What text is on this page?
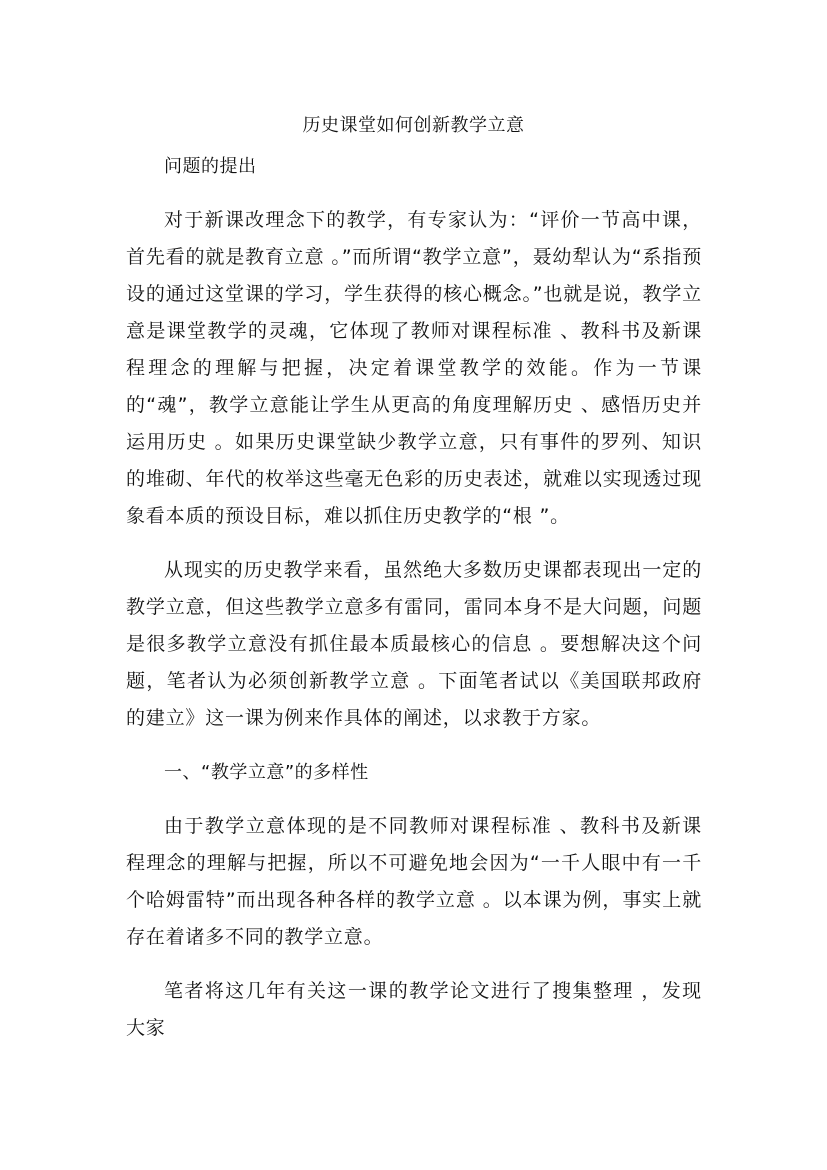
历史课堂如何创新教学立意

问题的提出

对于新课改理念下的教学，有专家认为：“评价一节高中课，首先看的就是教育立意 。”而所谓“教学立意”，聂幼犁认为“系指预设的通过这堂课的学习，学生获得的核心概念。”也就是说，教学立意是课堂教学的灵魂，它体现了教师对课程标准 、教科书及新课程理念的理解与把握，决定着课堂教学的效能。作为一节课的“魂”，教学立意能让学生从更高的角度理解历史 、感悟历史并运用历史 。如果历史课堂缺少教学立意，只有事件的罗列、知识的堆砌、年代的枚举这些毫无色彩的历史表述，就难以实现透过现象看本质的预设目标，难以抓住历史教学的“根 ”。

从现实的历史教学来看，虽然绝大多数历史课都表现出一定的教学立意，但这些教学立意多有雷同，雷同本身不是大问题，问题是很多教学立意没有抓住最本质最核心的信息 。要想解决这个问题，笔者认为必须创新教学立意 。下面笔者试以《美国联邦政府的建立》这一课为例来作具体的阐述，以求教于方家。

一、“教学立意”的多样性

由于教学立意体现的是不同教师对课程标准 、教科书及新课程理念的理解与把握，所以不可避免地会因为“一千人眼中有一千个哈姆雷特”而出现各种各样的教学立意 。以本课为例，事实上就存在着诸多不同的教学立意。

笔者将这几年有关这一课的教学论文进行了搜集整理 ，发现大家
